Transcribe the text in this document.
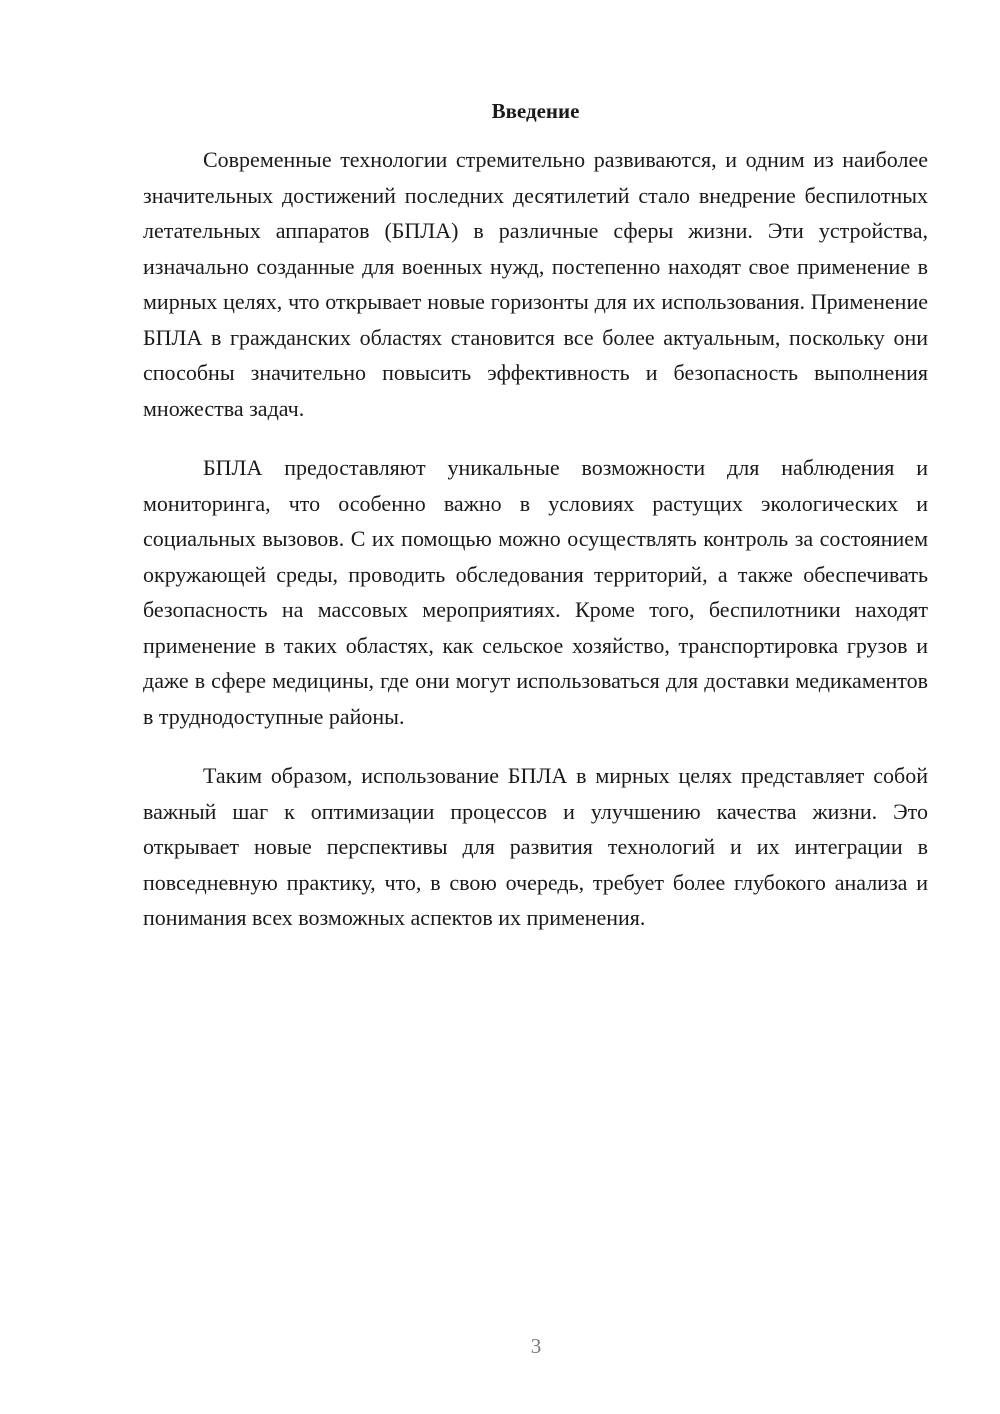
Введение

Современные технологии стремительно развиваются, и одним из наиболее значительных достижений последних десятилетий стало внедрение беспилотных летательных аппаратов (БПЛА) в различные сферы жизни. Эти устройства, изначально созданные для военных нужд, постепенно находят свое применение в мирных целях, что открывает новые горизонты для их использования. Применение БПЛА в гражданских областях становится все более актуальным, поскольку они способны значительно повысить эффективность и безопасность выполнения множества задач.

БПЛА предоставляют уникальные возможности для наблюдения и мониторинга, что особенно важно в условиях растущих экологических и социальных вызовов. С их помощью можно осуществлять контроль за состоянием окружающей среды, проводить обследования территорий, а также обеспечивать безопасность на массовых мероприятиях. Кроме того, беспилотники находят применение в таких областях, как сельское хозяйство, транспортировка грузов и даже в сфере медицины, где они могут использоваться для доставки медикаментов в труднодоступные районы.

Таким образом, использование БПЛА в мирных целях представляет собой важный шаг к оптимизации процессов и улучшению качества жизни. Это открывает новые перспективы для развития технологий и их интеграции в повседневную практику, что, в свою очередь, требует более глубокого анализа и понимания всех возможных аспектов их применения.

3
